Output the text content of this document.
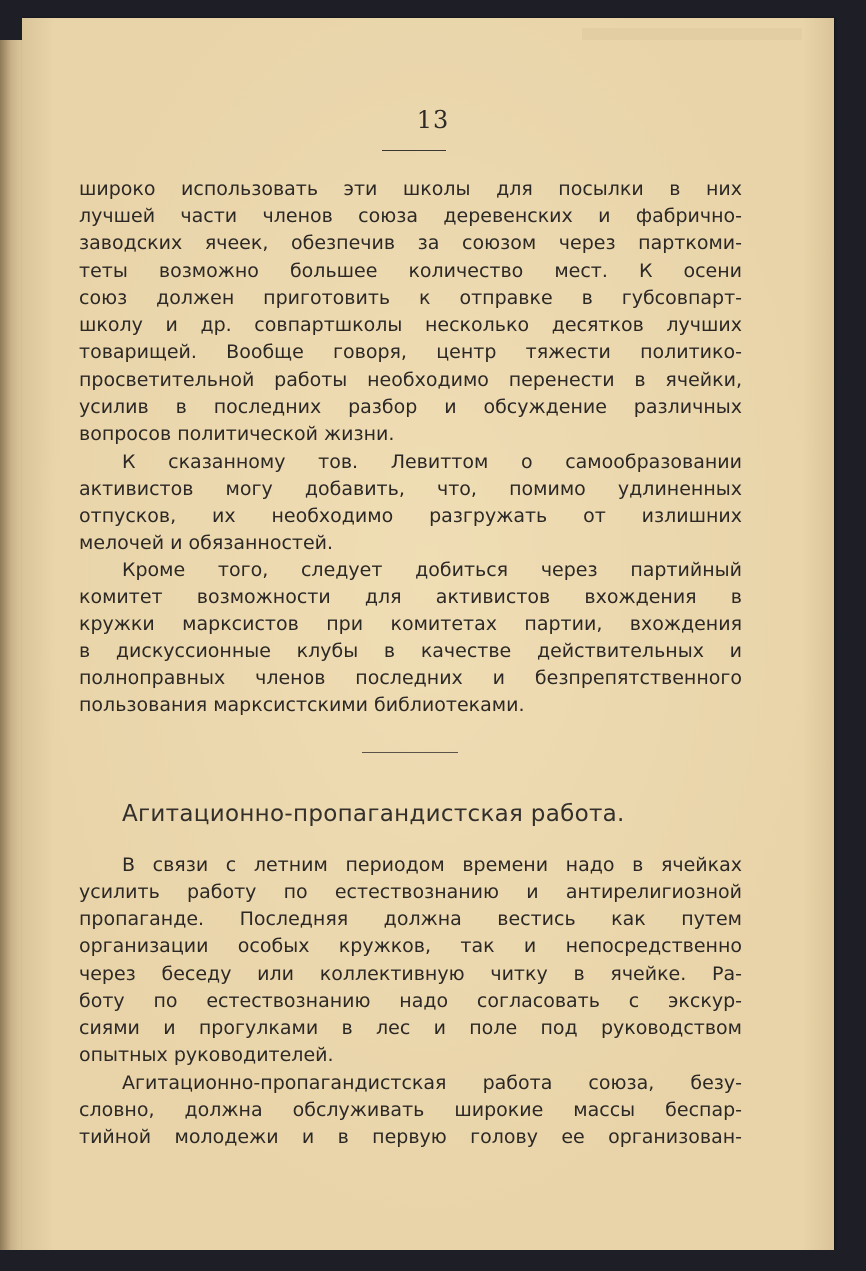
13
широко использовать эти школы для посылки в них
лучшей части членов союза деревенских и фабрично-
заводских ячеек, обезпечив за союзом через парткоми-
теты возможно большее количество мест. К осени
союз должен приготовить к отправке в губсовпарт-
школу и др. совпартшколы несколько десятков лучших
товарищей. Вообще говоря, центр тяжести политико-
просветительной работы необходимо перенести в ячейки,
усилив в последних разбор и обсуждение различных
вопросов политической жизни.
К сказанному тов. Левиттом о самообразовании
активистов могу добавить, что, помимо удлиненных
отпусков, их необходимо разгружать от излишних
мелочей и обязанностей.
Кроме того, следует добиться через партийный
комитет возможности для активистов вхождения в
кружки марксистов при комитетах партии, вхождения
в дискуссионные клубы в качестве действительных и
полноправных членов последних и безпрепятственного
пользования марксистскими библиотеками.
Агитационно-пропагандистская работа.
В связи с летним периодом времени надо в ячейках
усилить работу по естествознанию и антирелигиозной
пропаганде. Последняя должна вестись как путем
организации особых кружков, так и непосредственно
через беседу или коллективную читку в ячейке. Ра-
боту по естествознанию надо согласовать с экскур-
сиями и прогулками в лес и поле под руководством
опытных руководителей.
Агитационно-пропагандистская работа союза, безу-
словно, должна обслуживать широкие массы беспар-
тийной молодежи и в первую голову ее организован-
